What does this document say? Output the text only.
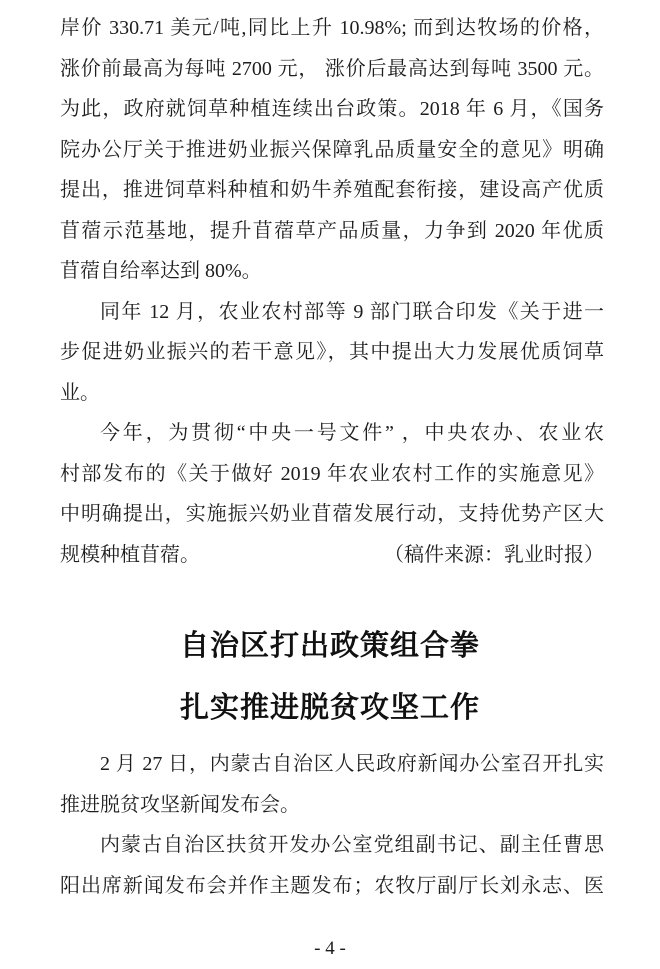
岸价 330.71 美元/吨,同比上升 10.98%; 而到达牧场的价格，
涨价前最高为每吨 2700 元， 涨价后最高达到每吨 3500 元。
为此，政府就饲草种植连续出台政策。2018 年 6 月，《国务
院办公厅关于推进奶业振兴保障乳品质量安全的意见》明确
提出，推进饲草料种植和奶牛养殖配套衔接，建设高产优质
苜蓿示范基地，提升苜蓿草产品质量，力争到 2020 年优质
苜蓿自给率达到 80%。
同年 12 月，农业农村部等 9 部门联合印发《关于进一
步促进奶业振兴的若干意见》，其中提出大力发展优质饲草
业。
今年，为贯彻“中央一号文件” ，中央农办、农业农
村部发布的《关于做好 2019 年农业农村工作的实施意见》
中明确提出，实施振兴奶业苜蓿发展行动，支持优势产区大
规模种植苜蓿。	（稿件来源：乳业时报）
自治区打出政策组合拳
扎实推进脱贫攻坚工作
2 月 27 日，内蒙古自治区人民政府新闻办公室召开扎实
推进脱贫攻坚新闻发布会。
内蒙古自治区扶贫开发办公室党组副书记、副主任曹思
阳出席新闻发布会并作主题发布；农牧厅副厅长刘永志、医
- 4 -
